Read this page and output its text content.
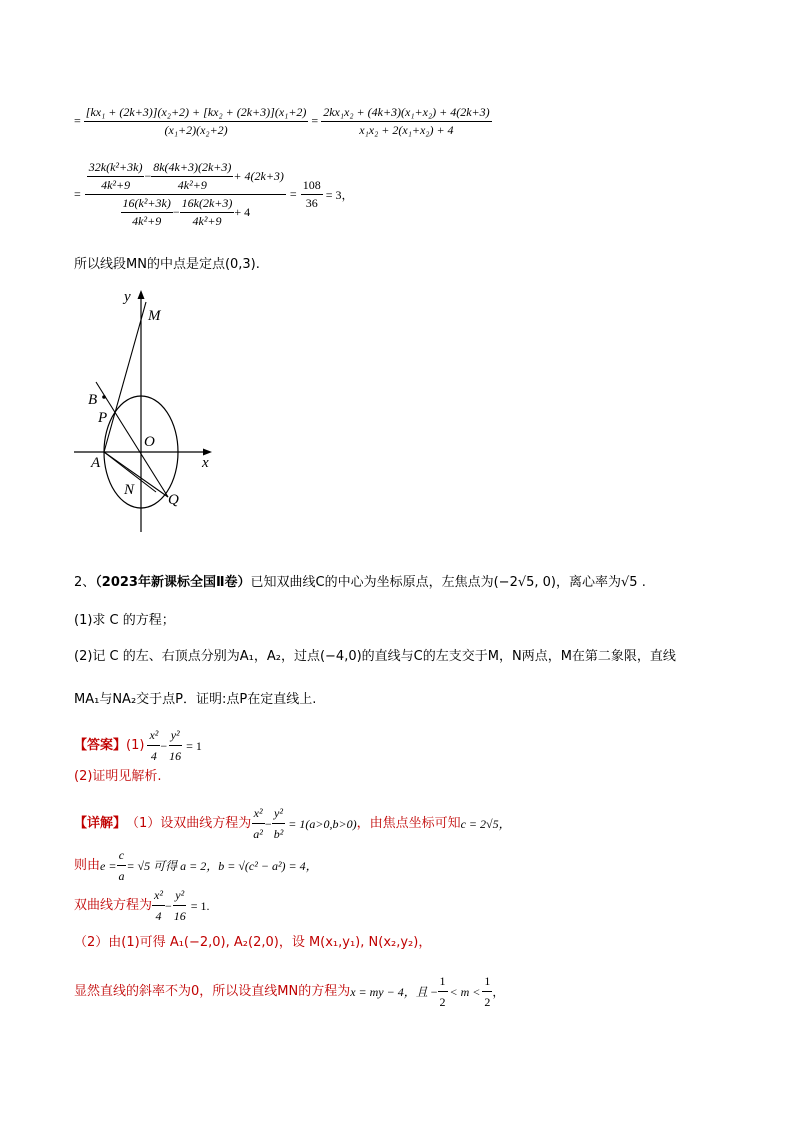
= $\frac{\text{[kx₁ + (2k+3)](x₂+2) + [kx₂ + (2k+3)](x₁+2)}}{\text{(x₁+2)(x₂+2)}} = \frac{\text{2kx₁x₂ + (4k+3)(x₁+x₂) + 4(2k+3)}}{\text{x₁x₂ + 2(x₁+x₂) + 4}}$
=
$\frac{\text{32k(k²+3k)}}{\text{4k²+9}} - \frac{8k(4k+3)(2k+3)}{\text{4k²+9}} + 4(2k+3)$
$\frac{\text{16(k²+3k)}}{\text{4k²+9}} - \frac{16k(2k+3)}{\text{4k²+9}} + 4$
= $\frac{108}{36} = 3$，
所以线段MN的中点是定点(0,3).
y
x
M
B
P
O
A
N
Q
2、（2023年新课标全国Ⅱ卷）已知双曲线C的中心为坐标原点，左焦点为(−2√5, 0)，离心率为√5 .
(1)求 C 的方程；
(2)记 C 的左、右顶点分别为A₁，A₂，过点(−4,0)的直线与C的左支交于M，N两点，M在第二象限，直线
MA₁与NA₂交于点P．证明:点P在定直线上.
【答案】 $(1) \frac{\text{x²}}{4} - \frac{\text{y²}}{16} = 1$
(2)证明见解析.
【详解】 （1）设双曲线方程为 $\frac{\text{x²}}{\text{a²}} - \frac{\text{y²}}{\text{b²}} = 1(a>0,b>0)$ ，由焦点坐标可知 c = 2√5，
则由 $e = \frac{c}{a} = √5$ 可得 a = 2 ，b = √(c² − a²) = 4，
双曲线方程为 $\frac{\text{x²}}{4} - \frac{\text{y²}}{16} = 1$.
（2）由(1)可得 A₁(−2,0), A₂(2,0)，设 M(x₁,y₁), N(x₂,y₂)，
显然直线的斜率不为0，所以设直线MN的方程为 x = my − 4，且 − $\frac{1}{2} < m < \frac{1}{2}$ ，
